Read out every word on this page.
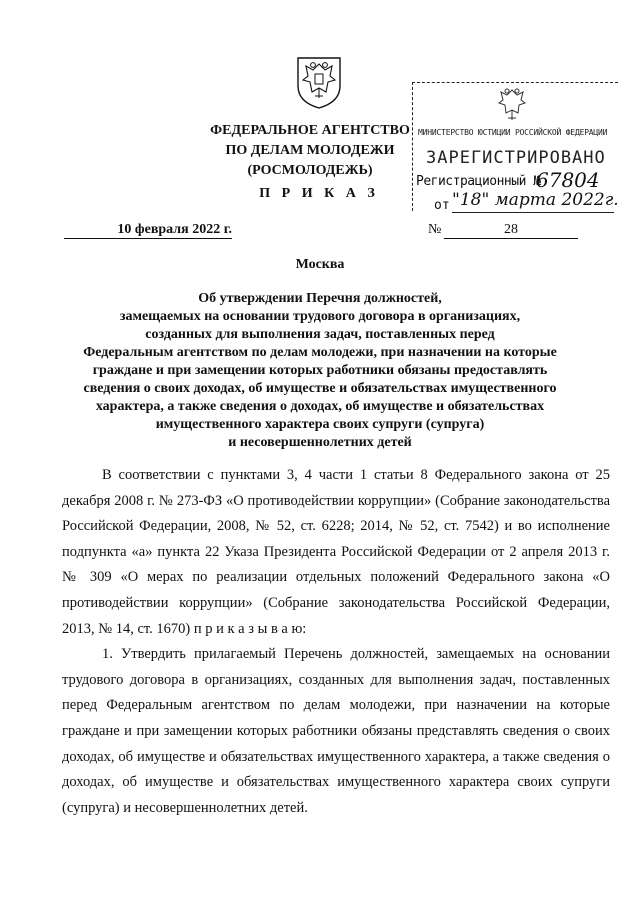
ФЕДЕРАЛЬНОЕ АГЕНТСТВО
ПО ДЕЛАМ МОЛОДЕЖИ
(РОСМОЛОДЕЖЬ)
П Р И К А З
МИНИСТЕРСТВО ЮСТИЦИИ РОССИЙСКОЙ ФЕДЕРАЦИИ
ЗАРЕГИСТРИРОВАНО
Регистрационный №
67804
от "18" марта 2022г.
10 февраля 2022 г.	№	28
Москва
Об утверждении Перечня должностей,
замещаемых на основании трудового договора в организациях,
созданных для выполнения задач, поставленных перед
Федеральным агентством по делам молодежи, при назначении на которые
граждане и при замещении которых работники обязаны предоставлять
сведения о своих доходах, об имуществе и обязательствах имущественного
характера, а также сведения о доходах, об имуществе и обязательствах
имущественного характера своих супруги (супруга)
и несовершеннолетних детей

В соответствии с пунктами 3, 4 части 1 статьи 8 Федерального закона от 25 декабря 2008 г. № 273-ФЗ «О противодействии коррупции» (Собрание законодательства Российской Федерации, 2008, № 52, ст. 6228; 2014, № 52, ст. 7542) и во исполнение подпункта «а» пункта 22 Указа Президента Российской Федерации от 2 апреля 2013 г. № 309 «О мерах по реализации отдельных положений Федерального закона «О противодействии коррупции» (Собрание законодательства Российской Федерации, 2013, № 14, ст. 1670) п р и к а з ы в а ю:

1. Утвердить прилагаемый Перечень должностей, замещаемых на основании трудового договора в организациях, созданных для выполнения задач, поставленных перед Федеральным агентством по делам молодежи, при назначении на которые граждане и при замещении которых работники обязаны представлять сведения о своих доходах, об имуществе и обязательствах имущественного характера, а также сведения о доходах, об имуществе и обязательствах имущественного характера своих супруги (супруга) и несовершеннолетних детей.
